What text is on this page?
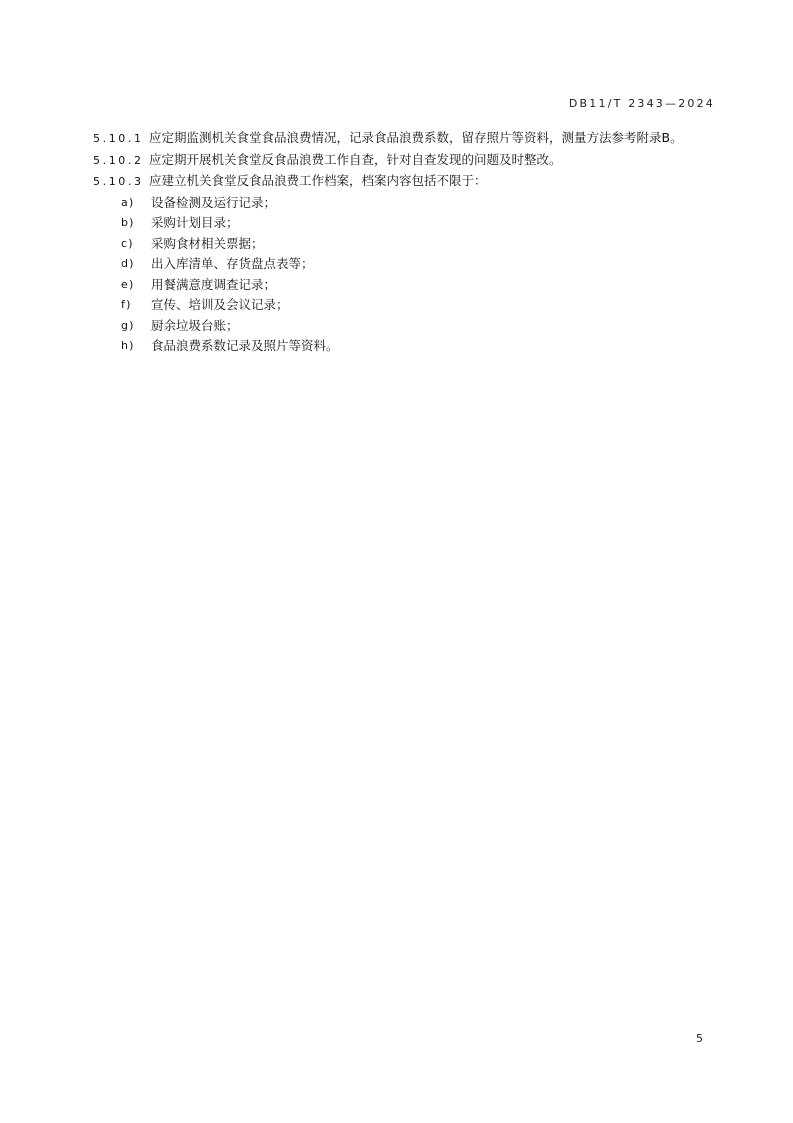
DB11/T 2343—2024

5.10.1 应定期监测机关食堂食品浪费情况，记录食品浪费系数，留存照片等资料，测量方法参考附录B。

5.10.2 应定期开展机关食堂反食品浪费工作自查，针对自查发现的问题及时整改。

5.10.3 应建立机关食堂反食品浪费工作档案，档案内容包括不限于：

a) 设备检测及运行记录；

b) 采购计划目录；

c) 采购食材相关票据；

d) 出入库清单、存货盘点表等；

e) 用餐满意度调查记录；

f) 宣传、培训及会议记录；

g) 厨余垃圾台账；

h) 食品浪费系数记录及照片等资料。

5
